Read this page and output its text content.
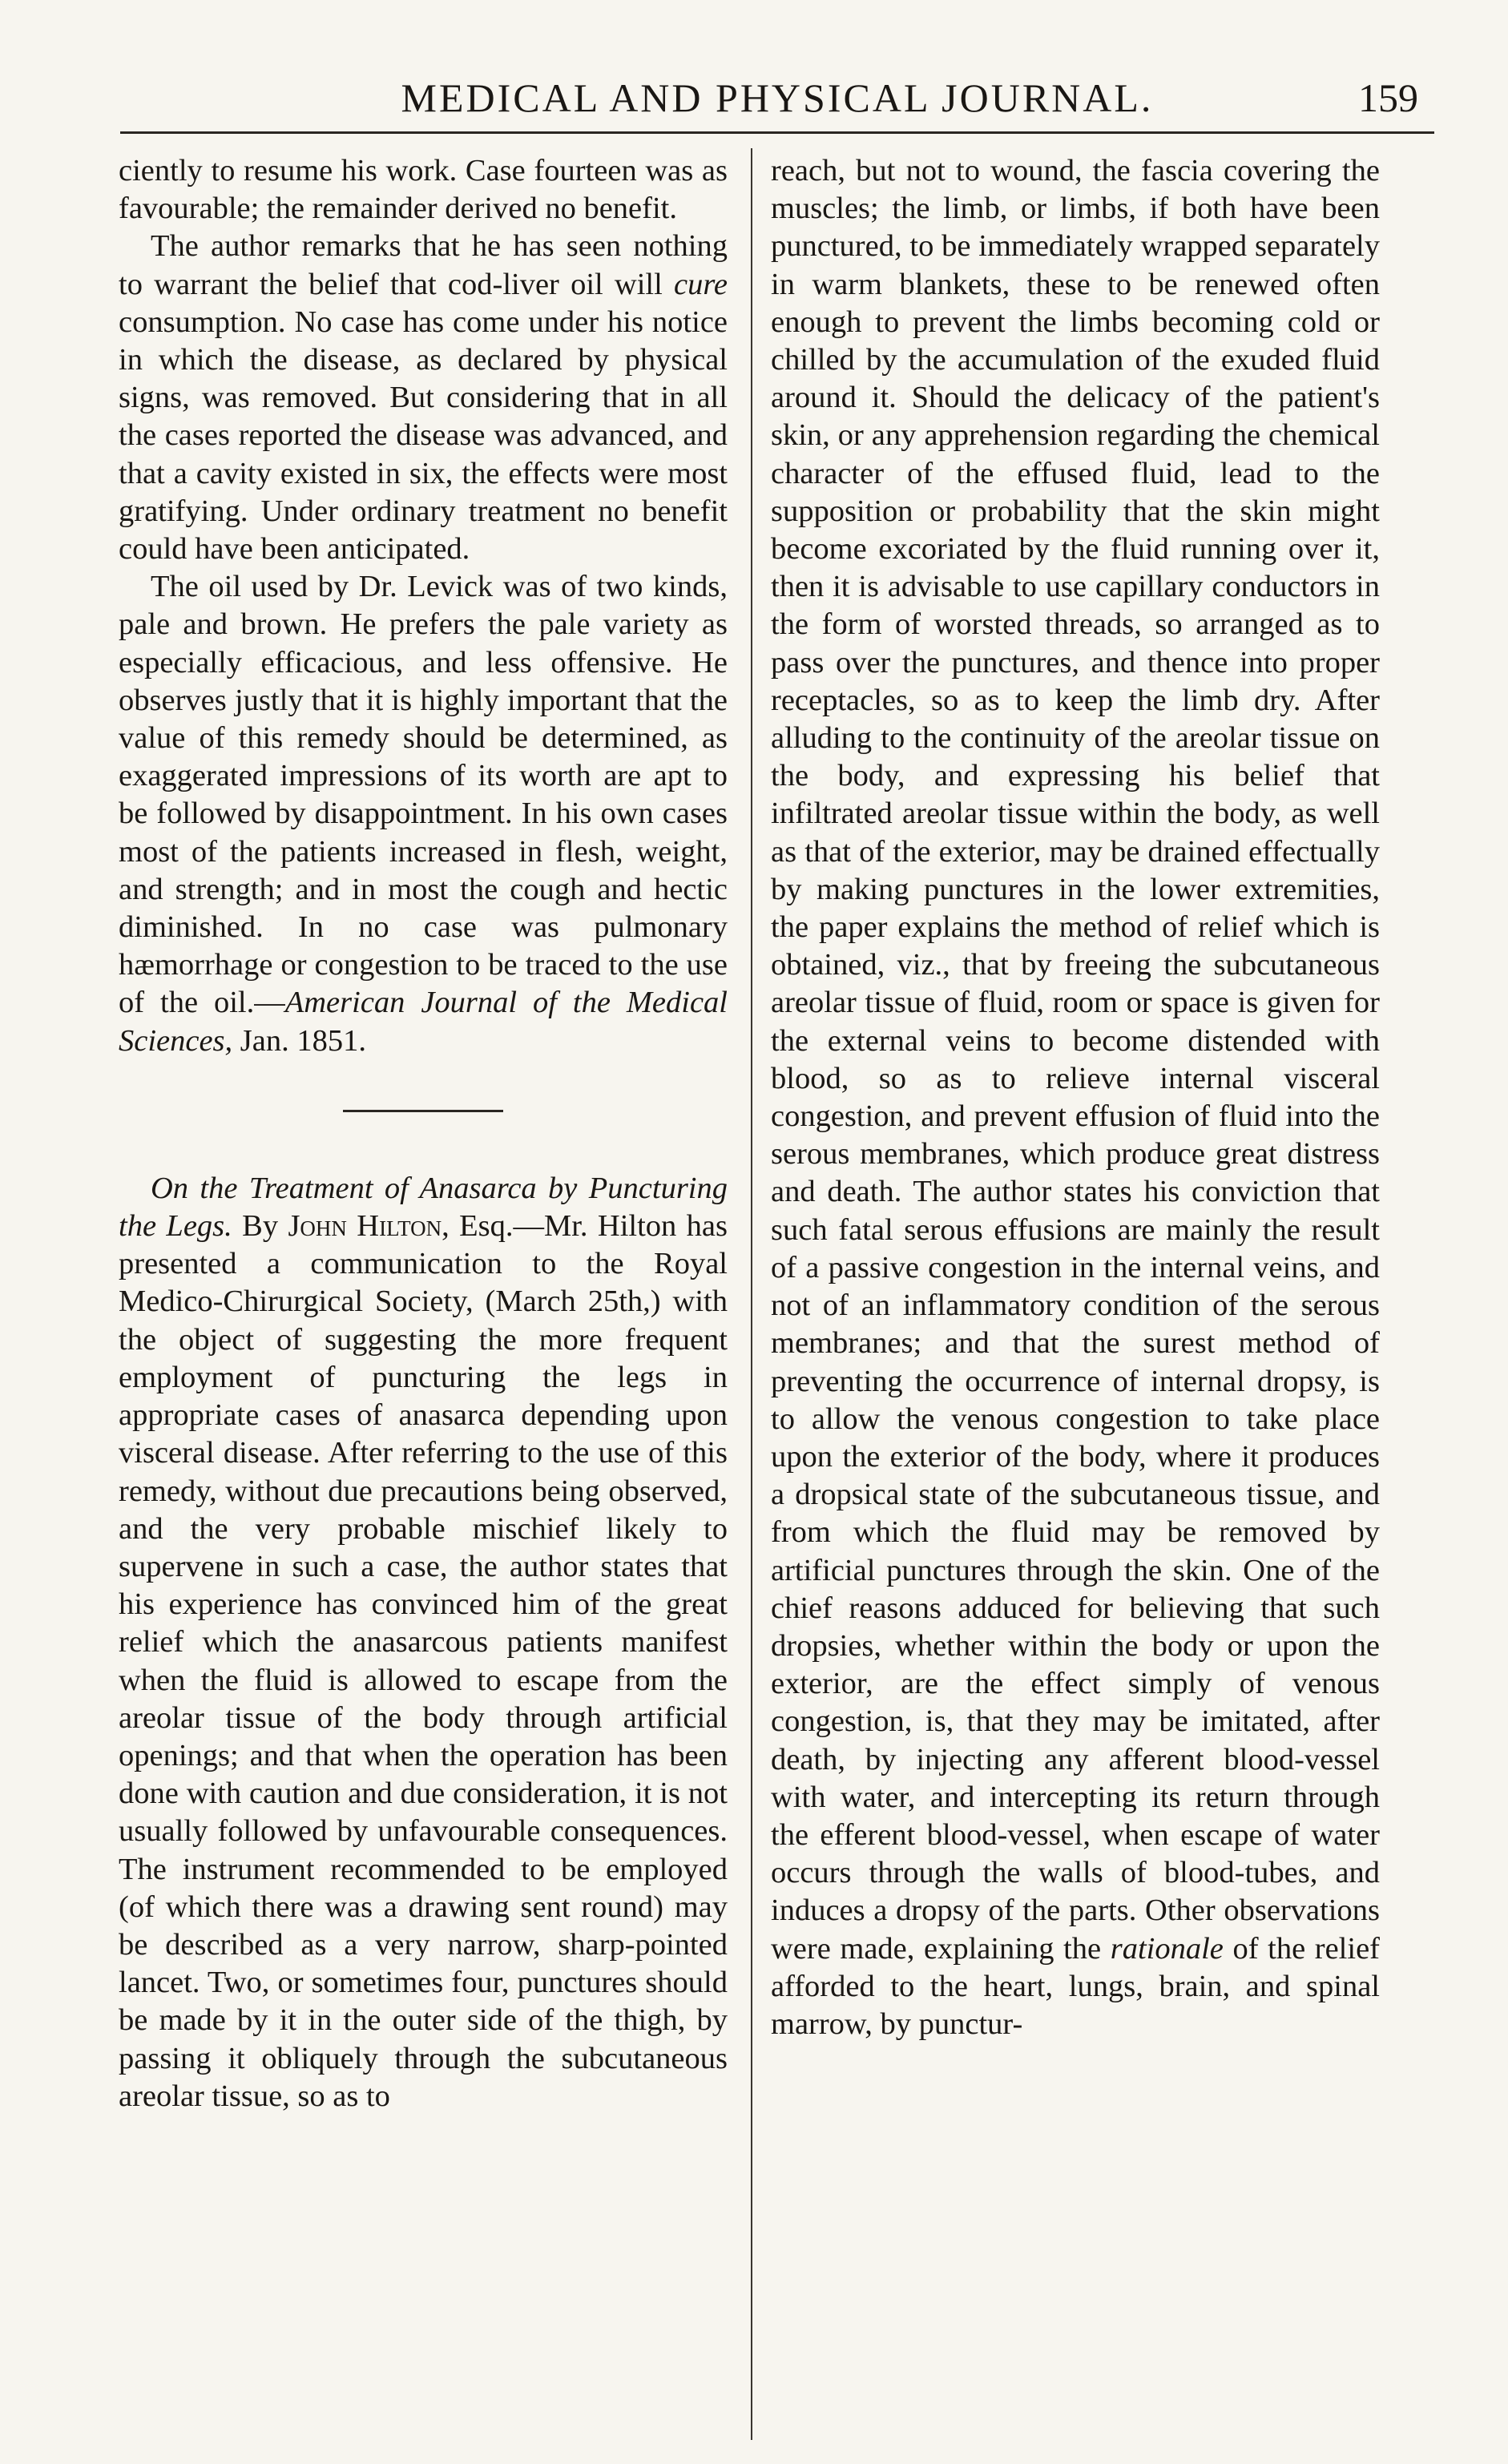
MEDICAL AND PHYSICAL JOURNAL.	159

ciently to resume his work. Case fourteen was as favourable; the remainder derived no benefit.

The author remarks that he has seen nothing to warrant the belief that cod-liver oil will cure consumption. No case has come under his notice in which the disease, as declared by physical signs, was removed. But considering that in all the cases reported the disease was advanced, and that a cavity existed in six, the effects were most gratifying. Under ordinary treatment no benefit could have been anticipated.

The oil used by Dr. Levick was of two kinds, pale and brown. He prefers the pale variety as especially efficacious, and less offensive. He observes justly that it is highly important that the value of this remedy should be determined, as exaggerated impressions of its worth are apt to be followed by disappointment. In his own cases most of the patients increased in flesh, weight, and strength; and in most the cough and hectic diminished. In no case was pulmonary hæmorrhage or congestion to be traced to the use of the oil.—American Journal of the Medical Sciences, Jan. 1851.

On the Treatment of Anasarca by Puncturing the Legs. By John Hilton, Esq.—Mr. Hilton has presented a communication to the Royal Medico-Chirurgical Society, (March 25th,) with the object of suggesting the more frequent employment of puncturing the legs in appropriate cases of anasarca depending upon visceral disease. After referring to the use of this remedy, without due precautions being observed, and the very probable mischief likely to supervene in such a case, the author states that his experience has convinced him of the great relief which the anasarcous patients manifest when the fluid is allowed to escape from the areolar tissue of the body through artificial openings; and that when the operation has been done with caution and due consideration, it is not usually followed by unfavourable consequences. The instrument recommended to be employed (of which there was a drawing sent round) may be described as a very narrow, sharp-pointed lancet. Two, or sometimes four, punctures should be made by it in the outer side of the thigh, by passing it obliquely through the subcutaneous areolar tissue, so as to

reach, but not to wound, the fascia covering the muscles; the limb, or limbs, if both have been punctured, to be immediately wrapped separately in warm blankets, these to be renewed often enough to prevent the limbs becoming cold or chilled by the accumulation of the exuded fluid around it. Should the delicacy of the patient's skin, or any apprehension regarding the chemical character of the effused fluid, lead to the supposition or probability that the skin might become excoriated by the fluid running over it, then it is advisable to use capillary conductors in the form of worsted threads, so arranged as to pass over the punctures, and thence into proper receptacles, so as to keep the limb dry. After alluding to the continuity of the areolar tissue on the body, and expressing his belief that infiltrated areolar tissue within the body, as well as that of the exterior, may be drained effectually by making punctures in the lower extremities, the paper explains the method of relief which is obtained, viz., that by freeing the subcutaneous areolar tissue of fluid, room or space is given for the external veins to become distended with blood, so as to relieve internal visceral congestion, and prevent effusion of fluid into the serous membranes, which produce great distress and death. The author states his conviction that such fatal serous effusions are mainly the result of a passive congestion in the internal veins, and not of an inflammatory condition of the serous membranes; and that the surest method of preventing the occurrence of internal dropsy, is to allow the venous congestion to take place upon the exterior of the body, where it produces a dropsical state of the subcutaneous tissue, and from which the fluid may be removed by artificial punctures through the skin. One of the chief reasons adduced for believing that such dropsies, whether within the body or upon the exterior, are the effect simply of venous congestion, is, that they may be imitated, after death, by injecting any afferent blood-vessel with water, and intercepting its return through the efferent blood-vessel, when escape of water occurs through the walls of blood-tubes, and induces a dropsy of the parts. Other observations were made, explaining the rationale of the relief afforded to the heart, lungs, brain, and spinal marrow, by punctur-
